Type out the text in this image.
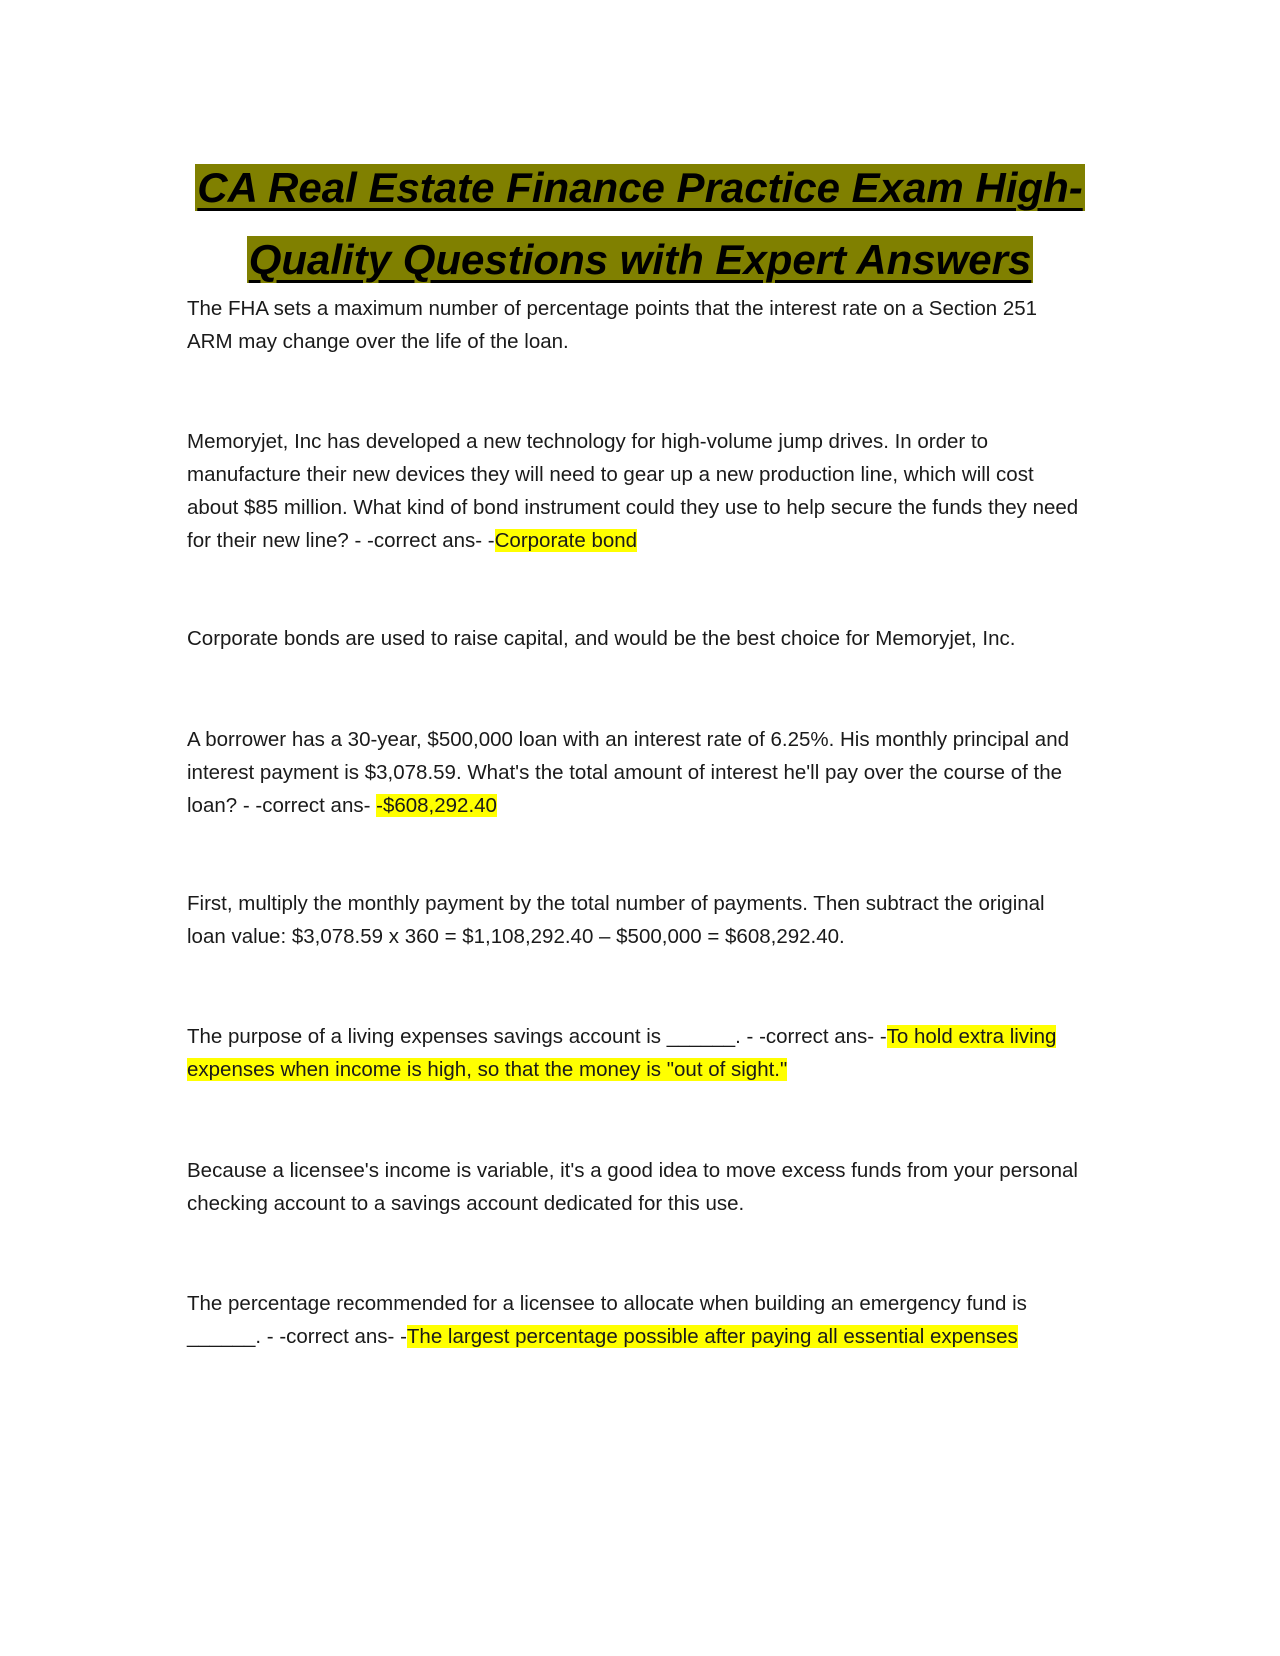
CA Real Estate Finance Practice Exam High-
Quality Questions with Expert Answers

The FHA sets a maximum number of percentage points that the interest rate on a Section 251 ARM may change over the life of the loan.

Memoryjet, Inc has developed a new technology for high-volume jump drives. In order to manufacture their new devices they will need to gear up a new production line, which will cost about $85 million. What kind of bond instrument could they use to help secure the funds they need for their new line? - -correct ans- -Corporate bond

Corporate bonds are used to raise capital, and would be the best choice for Memoryjet, Inc.

A borrower has a 30-year, $500,000 loan with an interest rate of 6.25%. His monthly principal and interest payment is $3,078.59. What's the total amount of interest he'll pay over the course of the loan? - -correct ans- -$608,292.40

First, multiply the monthly payment by the total number of payments. Then subtract the original loan value: $3,078.59 x 360 = $1,108,292.40 – $500,000 = $608,292.40.

The purpose of a living expenses savings account is ______. - -correct ans- -To hold extra living expenses when income is high, so that the money is "out of sight."

Because a licensee's income is variable, it's a good idea to move excess funds from your personal checking account to a savings account dedicated for this use.

The percentage recommended for a licensee to allocate when building an emergency fund is ______. - -correct ans- -The largest percentage possible after paying all essential expenses
